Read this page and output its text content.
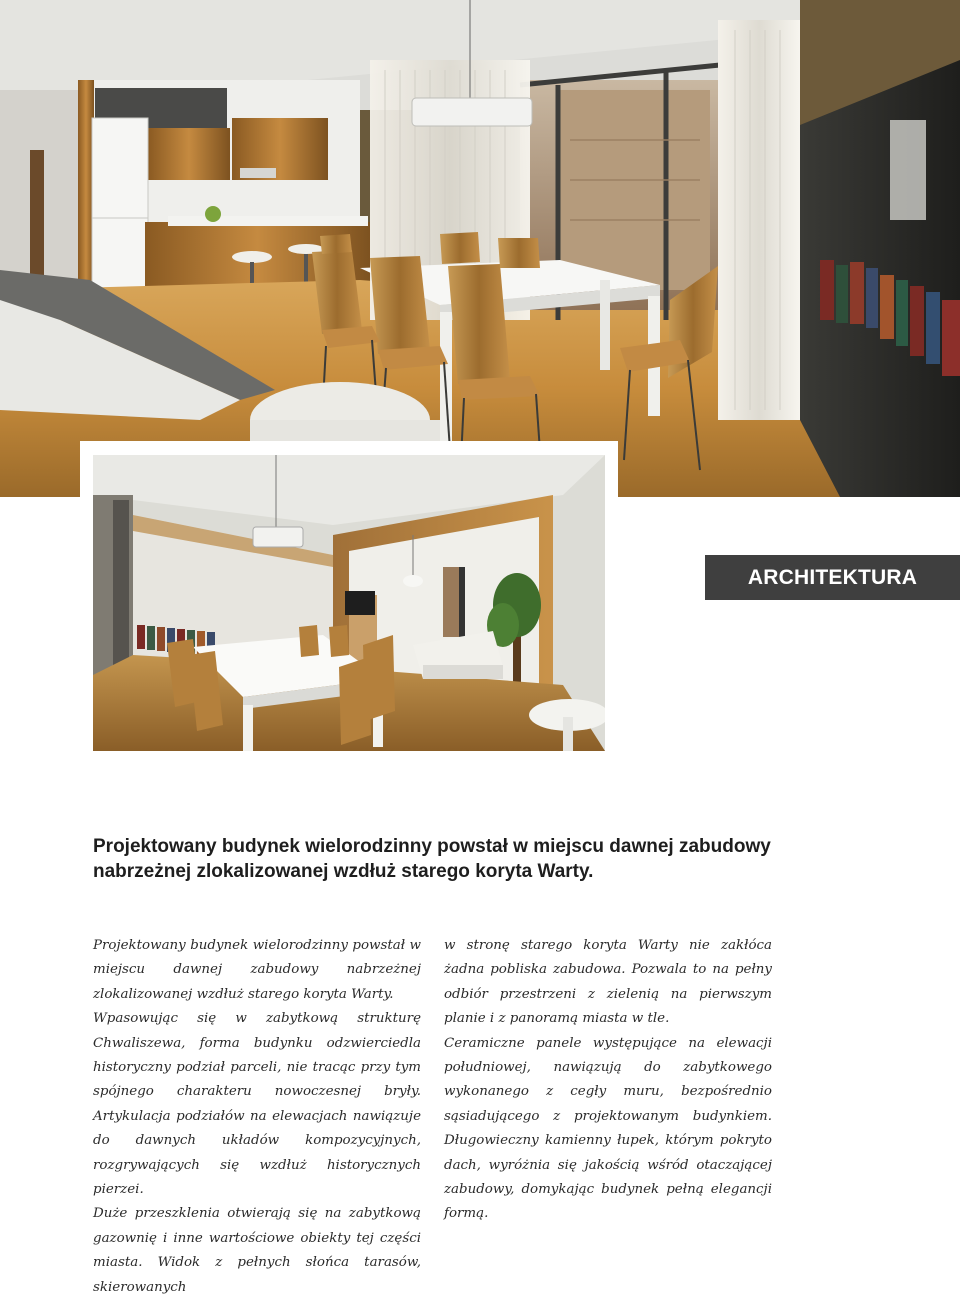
ARCHITEKTURA

Projektowany budynek wielorodzinny powstał w miejscu dawnej zabudowy nabrzeżnej zlokalizowanej wzdłuż starego koryta Warty.

Projektowany budynek wielorodzinny powstał w miejscu dawnej zabudowy nabrzeżnej zlokalizowanej wzdłuż starego koryta Warty.

Wpasowując się w zabytkową strukturę Chwaliszewa, forma budynku odzwierciedla historyczny podział parceli, nie tracąc przy tym spójnego charakteru nowoczesnej bryły. Artykulacja podziałów na elewacjach nawiązuje do dawnych układów kompozycyjnych, rozgrywających się wzdłuż historycznych pierzei.

Duże przeszklenia otwierają się na zabytkową gazownię i inne wartościowe obiekty tej części miasta. Widok z pełnych słońca tarasów, skierowanych

w stronę starego koryta Warty nie zakłóca żadna pobliska zabudowa. Pozwala to na pełny odbiór przestrzeni z zielenią na pierwszym planie i z panoramą miasta w tle.

Ceramiczne panele występujące na elewacji południowej, nawiązują do zabytkowego wykonanego z cegły muru, bezpośrednio sąsiadującego z projektowanym budynkiem. Długowieczny kamienny łupek, którym pokryto dach, wyróżnia się jakością wśród otaczającej zabudowy, domykając budynek pełną elegancji formą.
